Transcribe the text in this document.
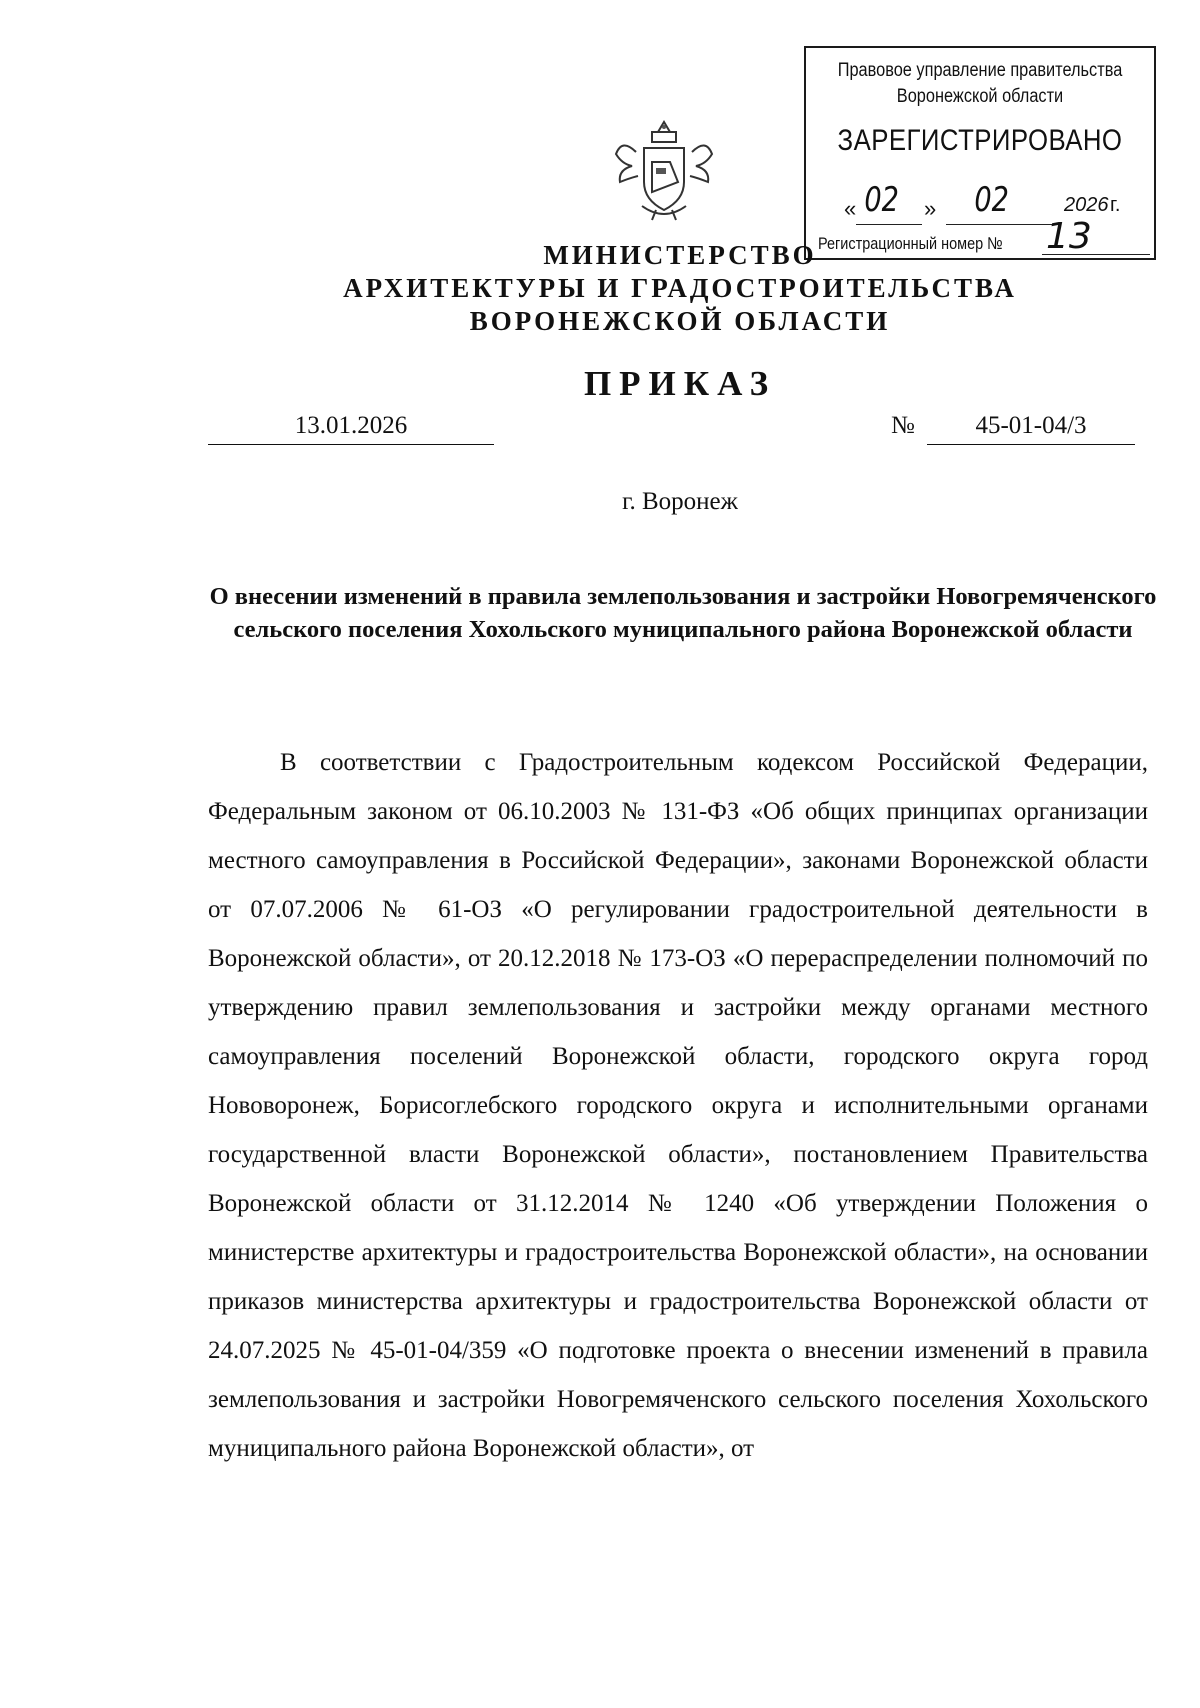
Правовое управление правительства
Воронежской области
ЗАРЕГИСТРИРОВАНО
« 02 » 02	2026 г.
Регистрационный номер № 13
МИНИСТЕРСТВО
АРХИТЕКТУРЫ И ГРАДОСТРОИТЕЛЬСТВА
ВОРОНЕЖСКОЙ ОБЛАСТИ
ПРИКАЗ
13.01.2026	№	45-01-04/3
г. Воронеж
О внесении изменений в правила землепользования и застройки Новогремяченского сельского поселения Хохольского муниципального района Воронежской области
В соответствии с Градостроительным кодексом Российской Федерации, Федеральным законом от 06.10.2003 № 131-ФЗ «Об общих принципах организации местного самоуправления в Российской Федерации», законами Воронежской области от 07.07.2006 № 61-ОЗ «О регулировании градостроительной деятельности в Воронежской области», от 20.12.2018 № 173-ОЗ «О перераспределении полномочий по утверждению правил землепользования и застройки между органами местного самоуправления поселений Воронежской области, городского округа город Нововоронеж, Борисоглебского городского округа и исполнительными органами государственной власти Воронежской области», постановлением Правительства Воронежской области от 31.12.2014 № 1240 «Об утверждении Положения о министерстве архитектуры и градостроительства Воронежской области», на основании приказов министерства архитектуры и градостроительства Воронежской области от 24.07.2025 № 45-01-04/359 «О подготовке проекта о внесении изменений в правила землепользования и застройки Новогремяченского сельского поселения Хохольского муниципального района Воронежской области», от
